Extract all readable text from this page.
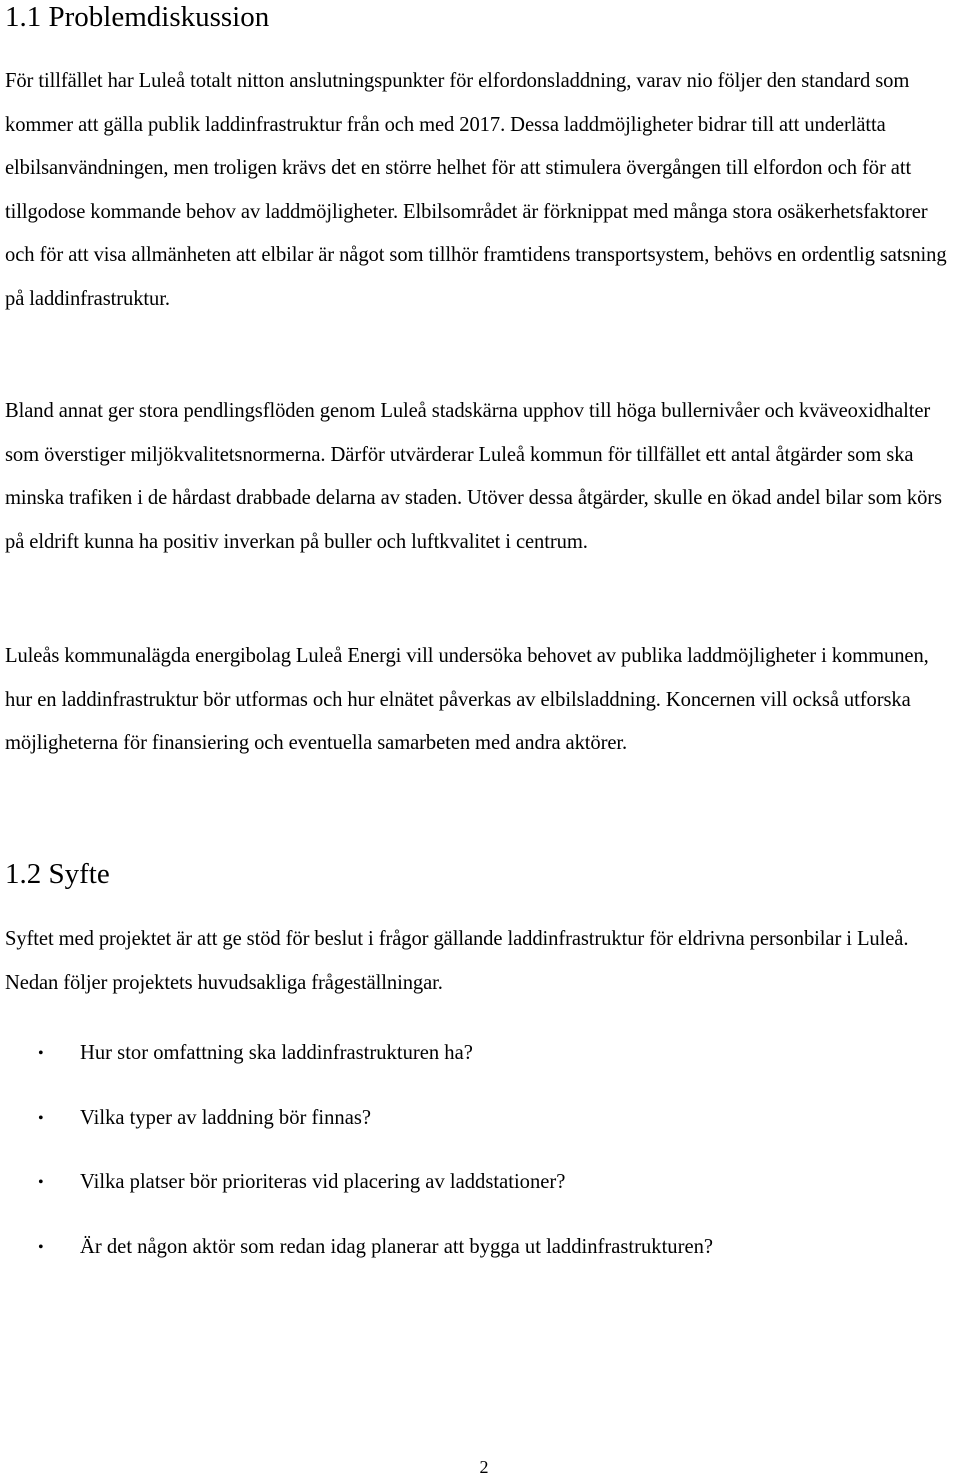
1.1 Problemdiskussion

För tillfället har Luleå totalt nitton anslutningspunkter för elfordonsladdning, varav nio följer den standard som kommer att gälla publik laddinfrastruktur från och med 2017. Dessa laddmöjligheter bidrar till att underlätta elbilsanvändningen, men troligen krävs det en större helhet för att stimulera övergången till elfordon och för att tillgodose kommande behov av laddmöjligheter. Elbilsområdet är förknippat med många stora osäkerhetsfaktorer och för att visa allmänheten att elbilar är något som tillhör framtidens transportsystem, behövs en ordentlig satsning på laddinfrastruktur.

Bland annat ger stora pendlingsflöden genom Luleå stadskärna upphov till höga bullernivåer och kväveoxidhalter som överstiger miljökvalitetsnormerna. Därför utvärderar Luleå kommun för tillfället ett antal åtgärder som ska minska trafiken i de hårdast drabbade delarna av staden. Utöver dessa åtgärder, skulle en ökad andel bilar som körs på eldrift kunna ha positiv inverkan på buller och luftkvalitet i centrum.

Luleås kommunalägda energibolag Luleå Energi vill undersöka behovet av publika laddmöjligheter i kommunen, hur en laddinfrastruktur bör utformas och hur elnätet påverkas av elbilsladdning. Koncernen vill också utforska möjligheterna för finansiering och eventuella samarbeten med andra aktörer.

1.2 Syfte

Syftet med projektet är att ge stöd för beslut i frågor gällande laddinfrastruktur för eldrivna personbilar i Luleå. Nedan följer projektets huvudsakliga frågeställningar.

• Hur stor omfattning ska laddinfrastrukturen ha?
• Vilka typer av laddning bör finnas?
• Vilka platser bör prioriteras vid placering av laddstationer?
• Är det någon aktör som redan idag planerar att bygga ut laddinfrastrukturen?
2
